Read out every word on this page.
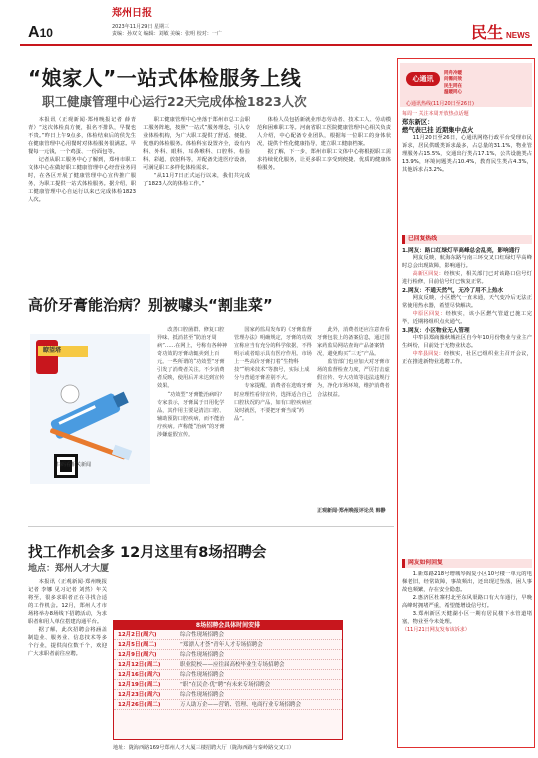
A10
郑州日报
2023年11月29日 星期三
责编：孙双文 编辑：刘敏 美编：张明 校对：一广	民生 NEWS
“娘家人”一站式体检服务上线
职工健康管理中心运行22天完成体检1823人次

本报讯（正观新闻·郑州晚报记者 薛青青）“这次体检真方便，报名不排队，早餐也不贵。”昨日上午9点多，体检结束后的侯先生在健康管理中心用餐时对体检服务很满意。早餐每一元钱，一个鸡蛋、一份面包等。

记者从职工服务中心了解到，郑州市职工文体中心在做好职工健康管理中心经营业务同时，在各区开展了健康管理中心宣传推广服务，为职工提供一站式体检服务。据介绍，职工健康管理中心自运行以来已完成体检1823人次。

职工健康管理中心坐落于郑州市总工会职工服务阵地，按照“一站式”服务理念，引入专业体检机构，为广大职工提供了舒适、便捷、优惠的体检服务。体检科室设置齐全，设有内科、外科、眼科、耳鼻喉科、口腔科、检验科、彩超、放射科等，并配备先进医疗设备，可满足职工多样化体检需求。

“从11月7日正式运行以来，我们共完成了1823人次的体检工作。”

体检人员包括新就业形态劳动者、技术工人、劳动模范和困难职工等。河南省职工医院健康管理中心相关负责人介绍，中心配备专业团队，根据每一位职工的身体状况，提供个性化健康指导，建立职工健康档案。

据了解，下一步，郑州市职工文体中心将根据职工需求持续优化服务，让更多职工享受到便捷、优质的健康体检服务。

高价牙膏能治病？别被噱头“割韭菜”
瞭望塔
扫码看相关新闻

改善口腔菌群、修复口腔异味、抵消甚至“防治牙周病”……在网上，号称有各种神奇功效的牙膏动辄卖到上百元。一些所谓的“功效型”牙膏引发了消费者关注。不少消费者反映，使用后并未达到宣传效果。

“功效型”牙膏能治病吗？专家表示，牙膏属于日用化学品，其作用主要是清洁口腔、辅助预防口腔疾病，而不能治疗疾病。声称能“治病”的牙膏涉嫌虚假宣传。

国家药监局发布的《牙膏监督管理办法》明确规定，牙膏的功效宣称应当有充分的科学依据，不得明示或者暗示具有医疗作用。市场上一些高价牙膏打着“生物科技”“纳米技术”等旗号，实际上成分与普通牙膏差别不大。

专家提醒，消费者在选购牙膏时应理性看待宣传，选择适合自己口腔状况的产品，如有口腔疾病应及时就医，不要把牙膏当成“药品”。

此外，消费者还应注意查看牙膏包装上的备案信息，通过国家药监局网站查询产品备案情况，避免购买“三无”产品。

监管部门也应加大对牙膏市场的监督检查力度，严厉打击虚假宣传、夸大功效等违法违规行为，净化市场环境，维护消费者合法权益。

正观新闻·郑州晚报评论员 韩静
找工作机会多 12月这里有8场招聘会
地点：郑州人才大厦

本报讯（正观新闻·郑州晚报记者 李娜 见习记者 刘然）年关将至，很多求职者正在寻找合适的工作机会。12月，郑州人才市场将举办8场线下招聘活动，为求职者和用人单位搭建沟通平台。

据了解，此次招聘会将涵盖制造业、服务业、信息技术等多个行业，提供岗位数千个，欢迎广大求职者前往应聘。

8场招聘会具体时间安排
12月2日(周六)	综合性现场招聘会
12月5日(周二)	“郑漂人才荟”青年人才专场招聘会
12月9日(周六)	综合性现场招聘会
12月12日(周二)	职业院校——应往届高校毕业生专场招聘会
12月16日(周六)	综合性现场招聘会
12月19日(周二)	“职”在民企·优“聘”有未来专场招聘会
12月23日(周六)	综合性现场招聘会
12月26日(周二)	万人助万企——营销、管理、电商行业专场招聘会
地址：陇海西路169号郑州人才大厦三楼招聘大厅（陇海西路与秦岭路交叉口）
心通讯
同舟冷暖
问需问效
民生同在
温暖同心
心通讯热线(11月20日至26日)
每周一 关注本周开放热点话题
郑东新区：
燃气表已挂 近期集中点火

11月20日至26日，心通讯网络行政平台受理市民诉求，居民供暖类诉求最多，占总量的31.1%，物业管理服务占15.5%，交通出行类占17.1%，公共设施类占13.9%，环境问题类占10.4%，教育民生类占4.3%，其他诉求占3.2%。

已回复热线
1.网友：路口红绿灯早高峰总会乱亮，影响通行

网友反映，航海东路与南三环交叉口红绿灯早高峰时总会出现故障，影响通行。

高新区回复：经核实，相关部门已对该路口信号灯进行检修，目前信号灯已恢复正常。

2.网友：不通天然气，无冷了用不上热水

网友反映，小区燃气一直未通，天气变冷后无法正常使用热水器，希望尽快解决。

中原区回复：经核实，该小区燃气管道已施工完毕，近期将组织点火通气。

3.网友：小区物业无人管理

中牟县郑商豫秋城社区自今年10月份物业与业主产生纠纷，目前处于无物业状态。

中牟县回复：经核实，社区已组织业主召开会议，正在推进新物业选聘工作。

网友如何回复

1.新郑路218号增城琴阁复小区10号楼一单元的电梯老旧，经常故障，事故频出，还出现过坠落，困人事故也频繁，存在安全隐患。

2.惠济区杜寨村北至东风渠路口有大车通行，早晚高峰时拥堵严重，希望能增设信号灯。

3.郑州新区天健湖小区一期有居民楼下水管道堵塞，物业至今未处理。

（11月21日网友发布该诉求）
